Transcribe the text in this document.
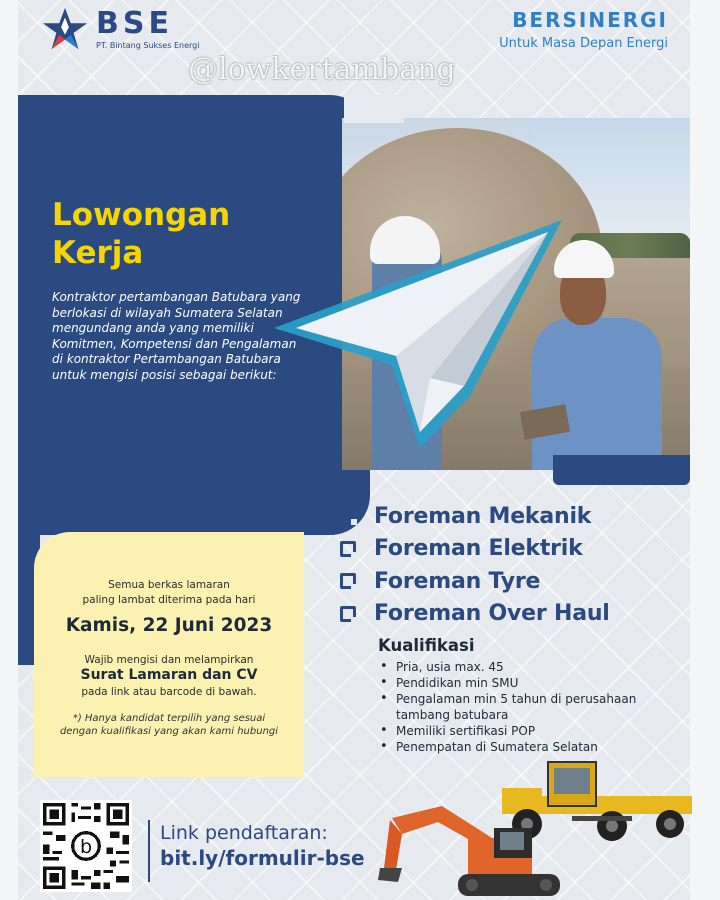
BSE
PT. Bintang Sukses Energi
BERSINERGI
Untuk Masa Depan Energi
@lowkertambang
Lowongan
Kerja
Kontraktor pertambangan Batubara yang berlokasi di wilayah Sumatera Selatan mengundang anda yang memiliki Komitmen, Kompetensi dan Pengalaman di kontraktor Pertambangan Batubara untuk mengisi posisi sebagai berikut:
Foreman Mekanik
Foreman Elektrik
Foreman Tyre
Foreman Over Haul
Kualifikasi
• Pria, usia max. 45
• Pendidikan min SMU
• Pengalaman min 5 tahun di perusahaan tambang batubara
• Memiliki sertifikasi POP
• Penempatan di Sumatera Selatan
Semua berkas lamaran
paling lambat diterima pada hari
Kamis, 22 Juni 2023
Wajib mengisi dan melampirkan
Surat Lamaran dan CV
pada link atau barcode di bawah.
*) Hanya kandidat terpilih yang sesuai
dengan kualifikasi yang akan kami hubungi
b
Link pendaftaran:
bit.ly/formulir-bse
